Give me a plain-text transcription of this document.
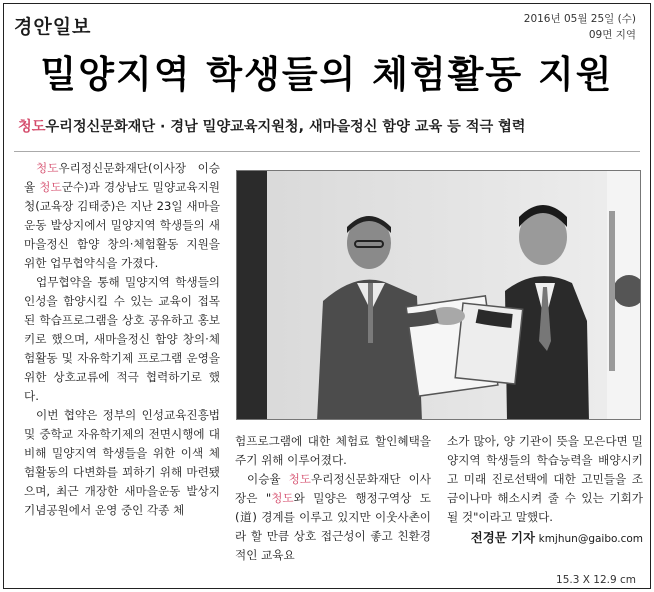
경안일보	2016년 05월 25일 (수)
09면 지역
밀양지역 학생들의 체험활동 지원
청도우리정신문화재단 · 경남 밀양교육지원청, 새마을정신 함양 교육 등 적극 협력

청도우리정신문화재단(이사장 이승율 청도군수)과 경상남도 밀양교육지원청(교육장 김태중)은 지난 23일 새마을운동 발상지에서 밀양지역 학생들의 새마을정신 함양 창의·체험활동 지원을 위한 업무협약식을 가졌다.

업무협약을 통해 밀양지역 학생들의 인성을 함양시킬 수 있는 교육이 접목된 학습프로그램을 상호 공유하고 홍보키로 했으며, 새마을정신 함양 창의·체험활동 및 자유학기제 프로그램 운영을 위한 상호교류에 적극 협력하기로 했다.

이번 협약은 정부의 인성교육진흥법 및 중학교 자유학기제의 전면시행에 대비해 밀양지역 학생들을 위한 이색 체험활동의 다변화를 꾀하기 위해 마련됐으며, 최근 개장한 새마을운동 발상지 기념공원에서 운영 중인 각종 체

험프로그램에 대한 체험료 할인혜택을 주기 위해 이루어졌다.

이승율 청도우리정신문화재단 이사장은 "청도와 밀양은 행정구역상 도(道) 경계를 이루고 있지만 이웃사촌이라 할 만큼 상호 접근성이 좋고 친환경적인 교육요

소가 많아, 양 기관이 뜻을 모은다면 밀양지역 학생들의 학습능력을 배양시키고 미래 진로선택에 대한 고민들을 조금이나마 해소시켜 줄 수 있는 기회가 될 것"이라고 말했다.

전경문 기자 kmjhun@gaibo.com

15.3 X 12.9 cm
